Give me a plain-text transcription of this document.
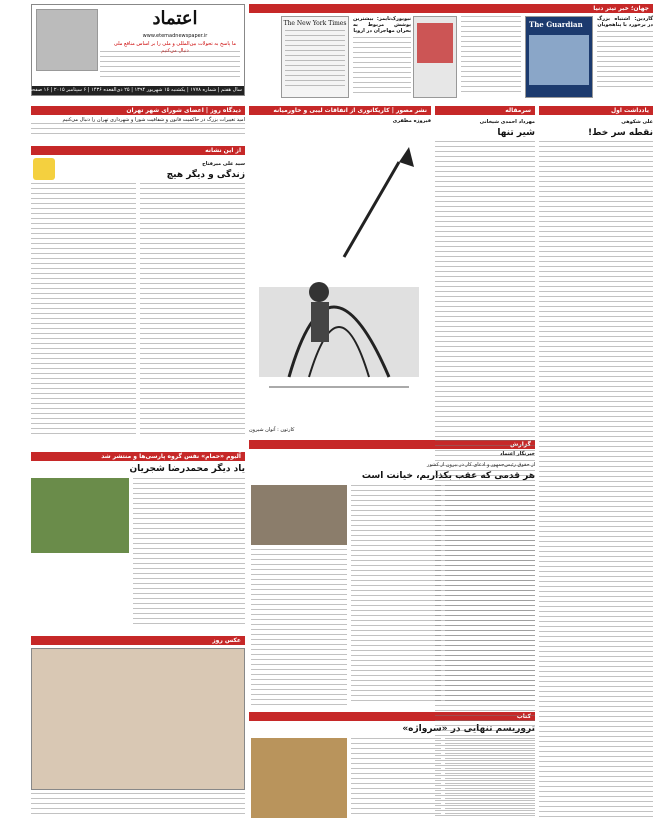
جهان؛ خبر تیتر دنیا
The Guardian
گاردین: اشتباه بزرگ در برخورد با پناهجویان
نیویورک‌تایمز: بیشترین پوشش مربوط به بحران مهاجران در اروپا
The New York Times
اعتماد
www.etemadnewspaper.ir
ما پاسخ به تحولات بین‌المللی و ملی را بر اساس منافع ملی دنبال می‌کنیم
سال هفتم | شماره ۱۷۷۸ | یکشنبه ۱۵ شهریور ۱۳۹۴ | ۲۵ ذی‌القعده ۱۴۳۶ | ۶ سپتامبر ۲۰۱۵ | ۱۶ صفحه | ۱۰۰۰ تومان
یادداشت اول
علی شکوهی
نقطه سر خط!
سرمقاله
مهرداد احمدی شیخانی
شیر تنها
نشر مصور | کاریکاتوری از اتفاقات لیبی و خاورمیانه
فیروزه مظفری
کارتون : آتوان شیرون
دیدگاه روز | اعضای شورای شهر تهران
امید تغییرات بزرگ در حاکمیت قانون و شفافیت شورا و شهرداری تهران را دنبال می‌کنیم
از این نشانه
سید علی میرفتاح
زندگی و دیگر هیچ
آلبوم «حمام» نفس گروه پارسی‌ها و منتشر شد
یاد دیگر محمدرضا شجریان
عکس روز
گزارش
خبرنگار اعتماد
از حقوق رئیس‌جمهور و ادعای کار در بیرون از کشور
هر قدمی که عقب بکذاریم، خیانت است
کتاب
تروریسم تنهایی در «سرواژه»
